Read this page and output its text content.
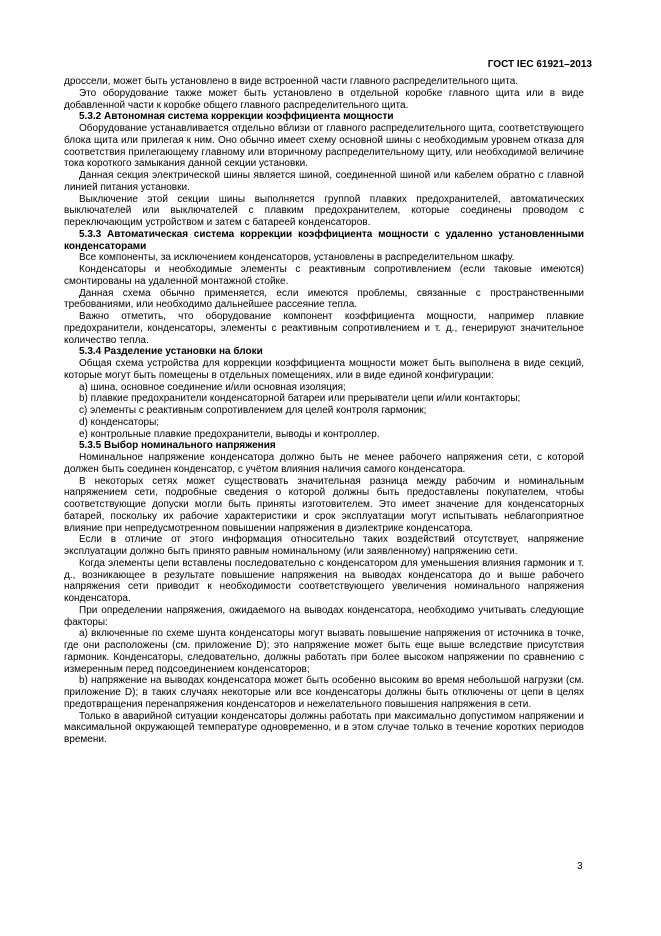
ГОСТ IEC 61921–2013

дроссели, может быть установлено в виде встроенной части главного распределительного щита.

Это оборудование также может быть установлено в отдельной коробке главного щита или в виде добавленной части к коробке общего главного распределительного щита.

5.3.2 Автономная система коррекции коэффициента мощности

Оборудование устанавливается отдельно вблизи от главного распределительного щита, соответствующего блока щита или прилегая к ним. Оно обычно имеет схему основной шины с необходимым уровнем отказа для соответствия прилегающему главному или вторичному распределительному щиту, или необходимой величине тока короткого замыкания данной секции установки.

Данная секция электрической шины является шиной, соединенной шиной или кабелем обратно с главной линией питания установки.

Выключение этой секции шины выполняется группой плавких предохранителей, автоматических выключателей или выключателей с плавким предохранителем, которые соединены проводом с переключающим устройством и затем с батареей конденсаторов.

5.3.3 Автоматическая система коррекции коэффициента мощности с удаленно установленными конденсаторами

Все компоненты, за исключением конденсаторов, установлены в распределительном шкафу.

Конденсаторы и необходимые элементы с реактивным сопротивлением (если таковые имеются) смонтированы на удаленной монтажной стойке.

Данная схема обычно применяется, если имеются проблемы, связанные с пространственными требованиями, или необходимо дальнейшее рассеяние тепла.

Важно отметить, что оборудование компонент коэффициента мощности, например плавкие предохранители, конденсаторы, элементы с реактивным сопротивлением и т. д., генерируют значительное количество тепла.

5.3.4 Разделение установки на блоки

Общая схема устройства для коррекции коэффициента мощности может быть выполнена в виде секций, которые могут быть помещены в отдельных помещениях, или в виде единой конфигурации:

a) шина, основное соединение и/или основная изоляция;

b) плавкие предохранители конденсаторной батареи или прерыватели цепи и/или контакторы;

c) элементы с реактивным сопротивлением для целей контроля гармоник;

d) конденсаторы;

e) контрольные плавкие предохранители, выводы и контроллер.

5.3.5 Выбор номинального напряжения

Номинальное напряжение конденсатора должно быть не менее рабочего напряжения сети, с которой должен быть соединен конденсатор, с учётом влияния наличия самого конденсатора.

В некоторых сетях может существовать значительная разница между рабочим и номинальным напряжением сети, подробные сведения о которой должны быть предоставлены покупателем, чтобы соответствующие допуски могли быть приняты изготовителем. Это имеет значение для конденсаторных батарей, поскольку их рабочие характеристики и срок эксплуатации могут испытывать неблагоприятное влияние при непредусмотренном повышении напряжения в диэлектрике конденсатора.

Если в отличие от этого информация относительно таких воздействий отсутствует, напряжение эксплуатации должно быть принято равным номинальному (или заявленному) напряжению сети.

Когда элементы цепи вставлены последовательно с конденсатором для уменьшения влияния гармоник и т. д., возникающее в результате повышение напряжения на выводах конденсатора до и выше рабочего напряжения сети приводит к необходимости соответствующего увеличения номинального напряжения конденсатора.

При определении напряжения, ожидаемого на выводах конденсатора, необходимо учитывать следующие факторы:

a) включенные по схеме шунта конденсаторы могут вызвать повышение напряжения от источника в точке, где они расположены (см. приложение D); это напряжение может быть еще выше вследствие присутствия гармоник. Конденсаторы, следовательно, должны работать при более высоком напряжении по сравнению с измеренным перед подсоединением конденсаторов;

b) напряжение на выводах конденсатора может быть особенно высоким во время небольшой нагрузки (см. приложение D); в таких случаях некоторые или все конденсаторы должны быть отключены от цепи в целях предотвращения перенапряжения конденсаторов и нежелательного повышения напряжения в сети.

Только в аварийной ситуации конденсаторы должны работать при максимально допустимом напряжении и максимальной окружающей температуре одновременно, и в этом случае только в течение коротких периодов времени.

3
